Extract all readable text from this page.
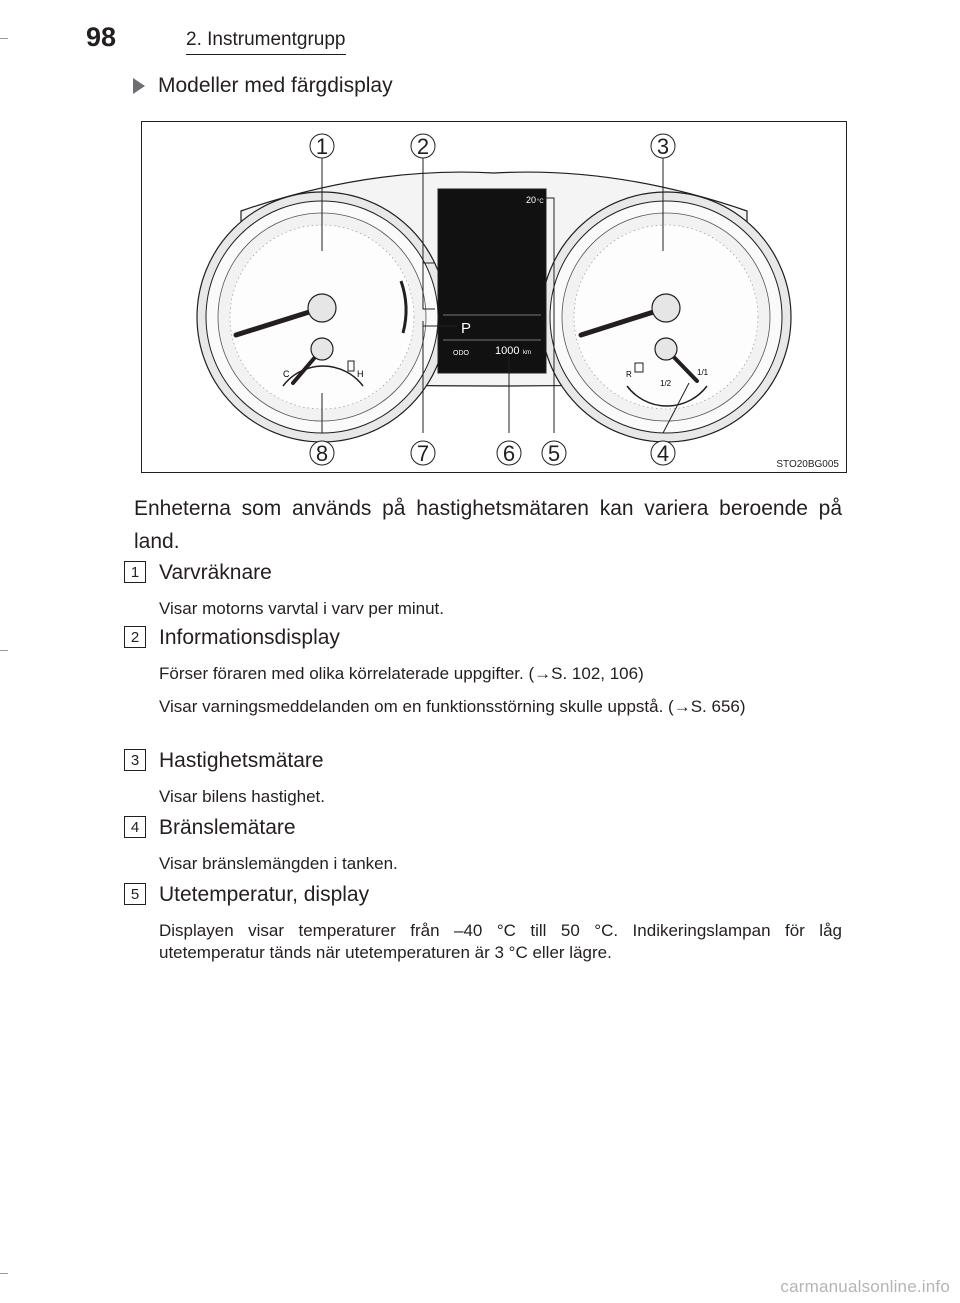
98	2. Instrumentgrupp
Modeller med färgdisplay
C	H	R
1/2
1/1
20 °C
P
ODO 1000 km
1	2	3
4
5
6
7
8	STO20BG005
Enheterna som används på hastighetsmätaren kan variera beroende på land.
1 Varvräknare
Visar motorns varvtal i varv per minut.
2 Informationsdisplay
Förser föraren med olika körrelaterade uppgifter. (→S. 102, 106)
Visar varningsmeddelanden om en funktionsstörning skulle uppstå. (→S. 656)
3 Hastighetsmätare
Visar bilens hastighet.
4 Bränslemätare
Visar bränslemängden i tanken.
5 Utetemperatur, display
Displayen visar temperaturer från –40 °C till 50 °C. Indikeringslampan för låg utetemperatur tänds när utetemperaturen är 3 °C eller lägre.
carmanualsonline.info
